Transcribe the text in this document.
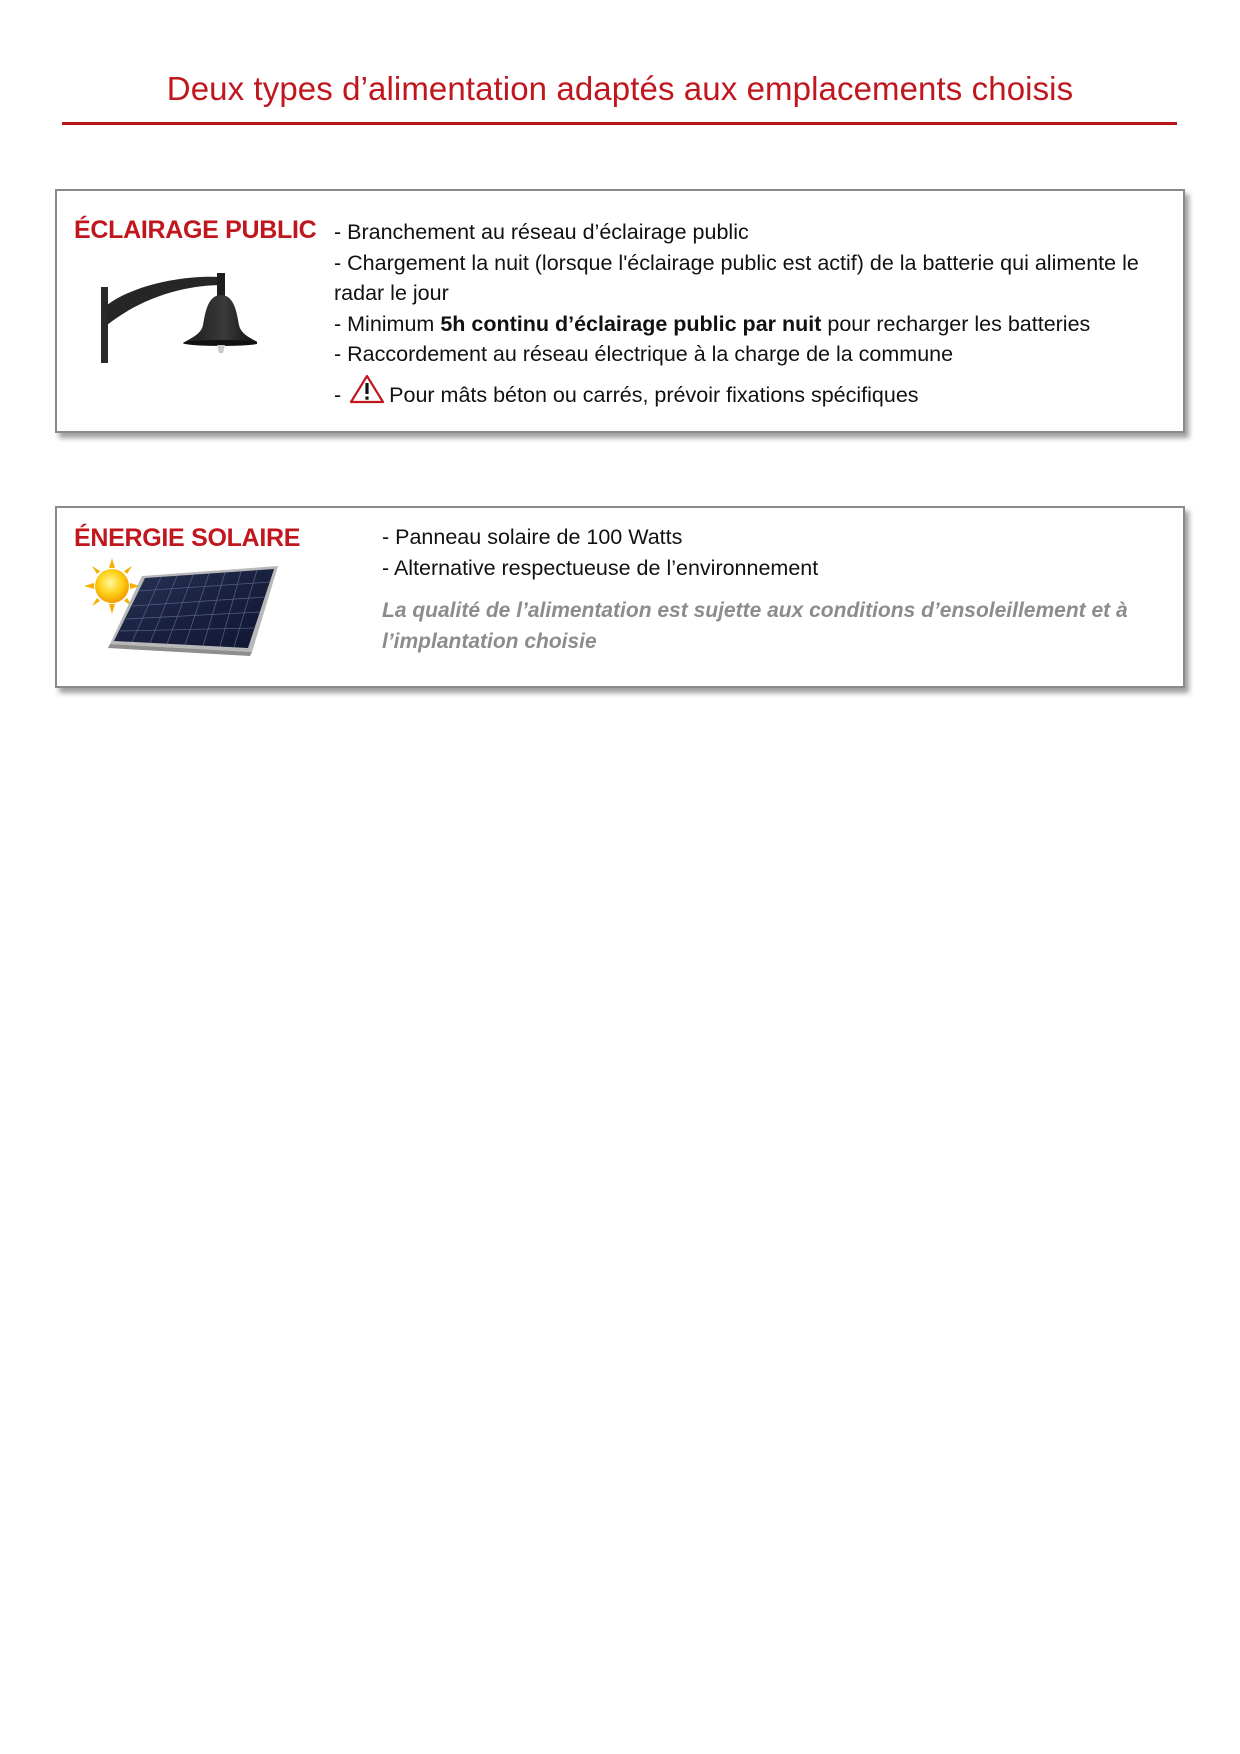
Deux types d’alimentation adaptés aux emplacements choisis
ÉCLAIRAGE PUBLIC - Branchement au réseau d’éclairage public
- Chargement la nuit (lorsque l'éclairage public est actif) de la batterie qui alimente le radar le jour
- Minimum 5h continu d’éclairage public par nuit pour recharger les batteries
- Raccordement au réseau électrique à la charge de la commune
- Pour mâts béton ou carrés, prévoir fixations spécifiques
ÉNERGIE SOLAIRE	- Panneau solaire de 100 Watts
- Alternative respectueuse de l’environnement

La qualité de l’alimentation est sujette aux conditions d’ensoleillement et à l’implantation choisie
